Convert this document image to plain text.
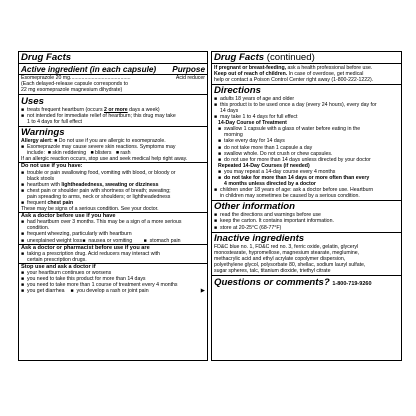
Drug Facts
Active ingredient (in each capsule) Purpose
Esomeprazole 20 mg ..........................................	Acid reducer
(Each delayed-release capsule corresponds to
22 mg esomeprazole magnesium dihydrate)
Uses
■ treats frequent heartburn (occurs 2 or more days a week)
■ not intended for immediate relief of heartburn; this drug may take
1 to 4 days for full effect
Warnings
Allergy alert: ■ Do not use if you are allergic to esomeprazole.
■ Esomeprazole may cause severe skin reactions. Symptoms may
include: ■ skin reddening ■ blisters ■ rash
If an allergic reaction occurs, stop use and seek medical help right away.
Do not use if you have:
■ trouble or pain swallowing food, vomiting with blood, or bloody or
black stools
■ heartburn with lightheadedness, sweating or dizziness
■ chest pain or shoulder pain with shortness of breath; sweating;
pain spreading to arms, neck or shoulders; or lightheadedness
■ frequent chest pain
These may be signs of a serious condition. See your doctor.
Ask a doctor before use if you have
■ had heartburn over 3 months. This may be a sign of a more serious
condition.
■ frequent wheezing, particularly with heartburn
■ unexplained weight loss ■ nausea or vomiting	■ stomach pain
Ask a doctor or pharmacist before use if you are
■ taking a prescription drug. Acid reducers may interact with
certain prescription drugs.
Stop use and ask a doctor if
■ your heartburn continues or worsens
■ you need to take this product for more than 14 days
■ you need to take more than 1 course of treatment every 4 months
■ you get diarrhea ■ you develop a rash or joint pain	▶
Drug Facts (continued)
If pregnant or breast-feeding, ask a health professional before use.
Keep out of reach of children. In case of overdose, get medical
help or contact a Poison Control Center right away (1-800-222-1222).
Directions
■ adults 18 years of age and older
■ this product is to be used once a day (every 24 hours), every day for
14 days
■ may take 1 to 4 days for full effect
14-Day Course of Treatment
■ swallow 1 capsule with a glass of water before eating in the
morning
■ take every day for 14 days
■ do not take more than 1 capsule a day
■ swallow whole. Do not crush or chew capsules.
■ do not use for more than 14 days unless directed by your doctor
Repeated 14-Day Courses (if needed)
■ you may repeat a 14-day course every 4 months
■ do not take for more than 14 days or more often than every
4 months unless directed by a doctor
■ children under 18 years of age: ask a doctor before use. Heartburn
in children may sometimes be caused by a serious condition.
Other information
■ read the directions and warnings before use
■ keep the carton. It contains important information.
■ store at 20-25°C (68-77°F)
Inactive ingredients
FD&C blue no. 1, FD&C red no. 3, ferric oxide, gelatin, glyceryl
monostearate, hypromellose, magnesium stearate, meglumine,
methacrylic acid and ethyl acrylate copolymer dispersion,
polyethylene glycol, polysorbate 80, shellac, sodium lauryl sulfate,
sugar spheres, talc, titanium dioxide, triethyl citrate
Questions or comments? 1-800-719-9260
